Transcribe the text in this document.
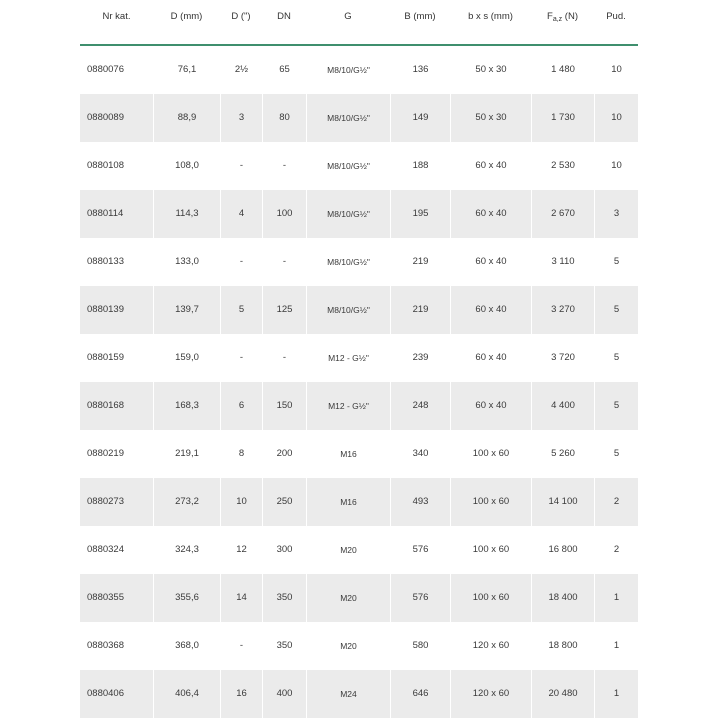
Nr kat.	D (mm)	D (")	DN	G	B (mm)	b x s (mm)	$F_{a,z}$ (N)	Pud.
0880076	76,1	2½	65	M8/10/G½"	136	50 x 30	1 480	10
0880089	88,9	3	80	M8/10/G½"	149	50 x 30	1 730	10
0880108	108,0	-	-	M8/10/G½"	188	60 x 40	2 530	10
0880114	114,3	4	100	M8/10/G½"	195	60 x 40	2 670	3
0880133	133,0	-	-	M8/10/G½"	219	60 x 40	3 110	5
0880139	139,7	5	125	M8/10/G½"	219	60 x 40	3 270	5
0880159	159,0	-	-	M12 - G½"	239	60 x 40	3 720	5
0880168	168,3	6	150	M12 - G½"	248	60 x 40	4 400	5
0880219	219,1	8	200	M16	340	100 x 60	5 260	5
0880273	273,2	10	250	M16	493	100 x 60	14 100	2
0880324	324,3	12	300	M20	576	100 x 60	16 800	2
0880355	355,6	14	350	M20	576	100 x 60	18 400	1
0880368	368,0	-	350	M20	580	120 x 60	18 800	1
0880406	406,4	16	400	M24	646	120 x 60	20 480	1
